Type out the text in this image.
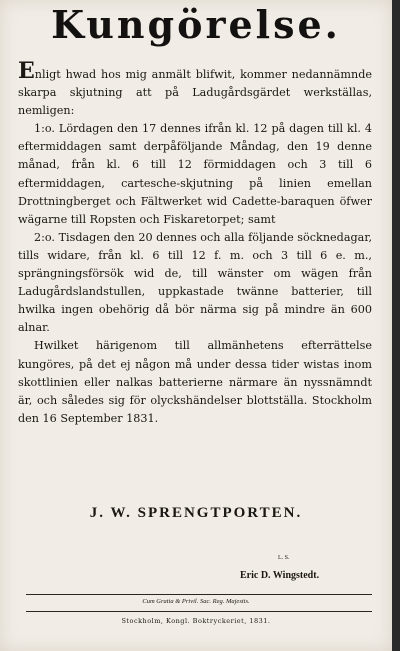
Kungörelse.

Enligt hwad hos mig anmält blifwit, kommer nedannämnde skarpa skjutning att på Ladugårdsgärdet werkställas, nemligen:

1:o. Lördagen den 17 dennes ifrån kl. 12 på dagen till kl. 4 eftermiddagen samt derpåföljande Måndag, den 19 denne månad, från kl. 6 till 12 förmiddagen och 3 till 6 eftermiddagen, cartesche-skjutning på linien emellan Drottningberget och Fältwerket wid Cadette-baraquen öfwer wägarne till Ropsten och Fiskaretorpet; samt

2:o. Tisdagen den 20 dennes och alla följande söcknedagar, tills widare, från kl. 6 till 12 f. m. och 3 till 6 e. m., sprängningsförsök wid de, till wänster om wägen från Ladugårdslandstullen, uppkastade twänne batterier, till hwilka ingen obehörig då bör närma sig på mindre än 600 alnar.

Hwilket härigenom till allmänhetens efterrättelse kungöres, på det ej någon må under dessa tider wistas inom skottlinien eller nalkas batterierne närmare än nyssnämndt är, och således sig för olyckshändelser blottställa. Stockholm den 16 September 1831.

J. W. SPRENGTPORTEN.
L. S.
Eric D. Wingstedt.
Cum Gratia & Privil. Sac. Reg. Majestis.
Stockholm, Kongl. Boktryckeriet, 1831.
